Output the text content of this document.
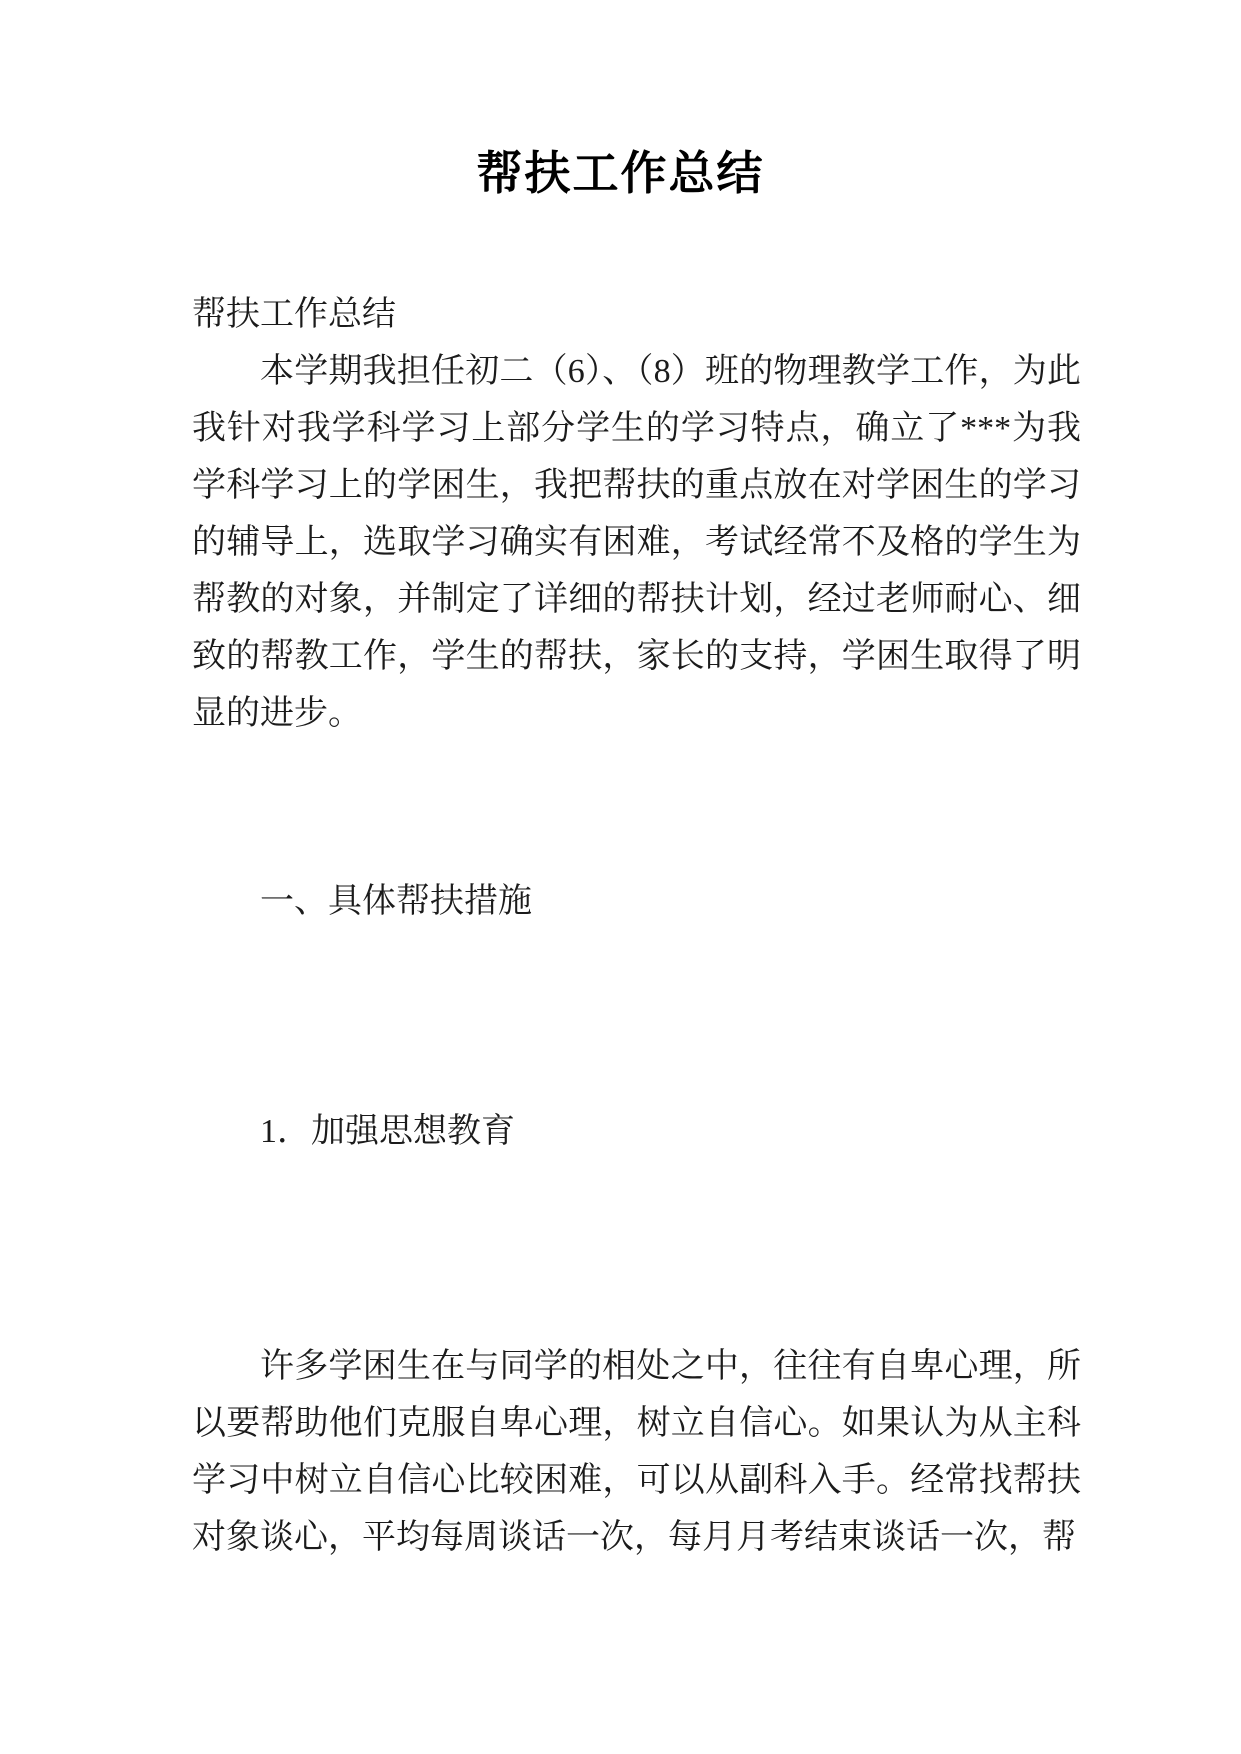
帮扶工作总结

帮扶工作总结

本学期我担任初二（6）、（8）班的物理教学工作，为此我针对我学科学习上部分学生的学习特点，确立了***为我学科学习上的学困生，我把帮扶的重点放在对学困生的学习的辅导上，选取学习确实有困难，考试经常不及格的学生为帮教的对象，并制定了详细的帮扶计划，经过老师耐心、细致的帮教工作，学生的帮扶，家长的支持，学困生取得了明显的进步。

一、具体帮扶措施

1．加强思想教育

许多学困生在与同学的相处之中，往往有自卑心理，所以要帮助他们克服自卑心理，树立自信心。如果认为从主科学习中树立自信心比较困难，可以从副科入手。经常找帮扶对象谈心，平均每周谈话一次，每月月考结束谈话一次，帮
